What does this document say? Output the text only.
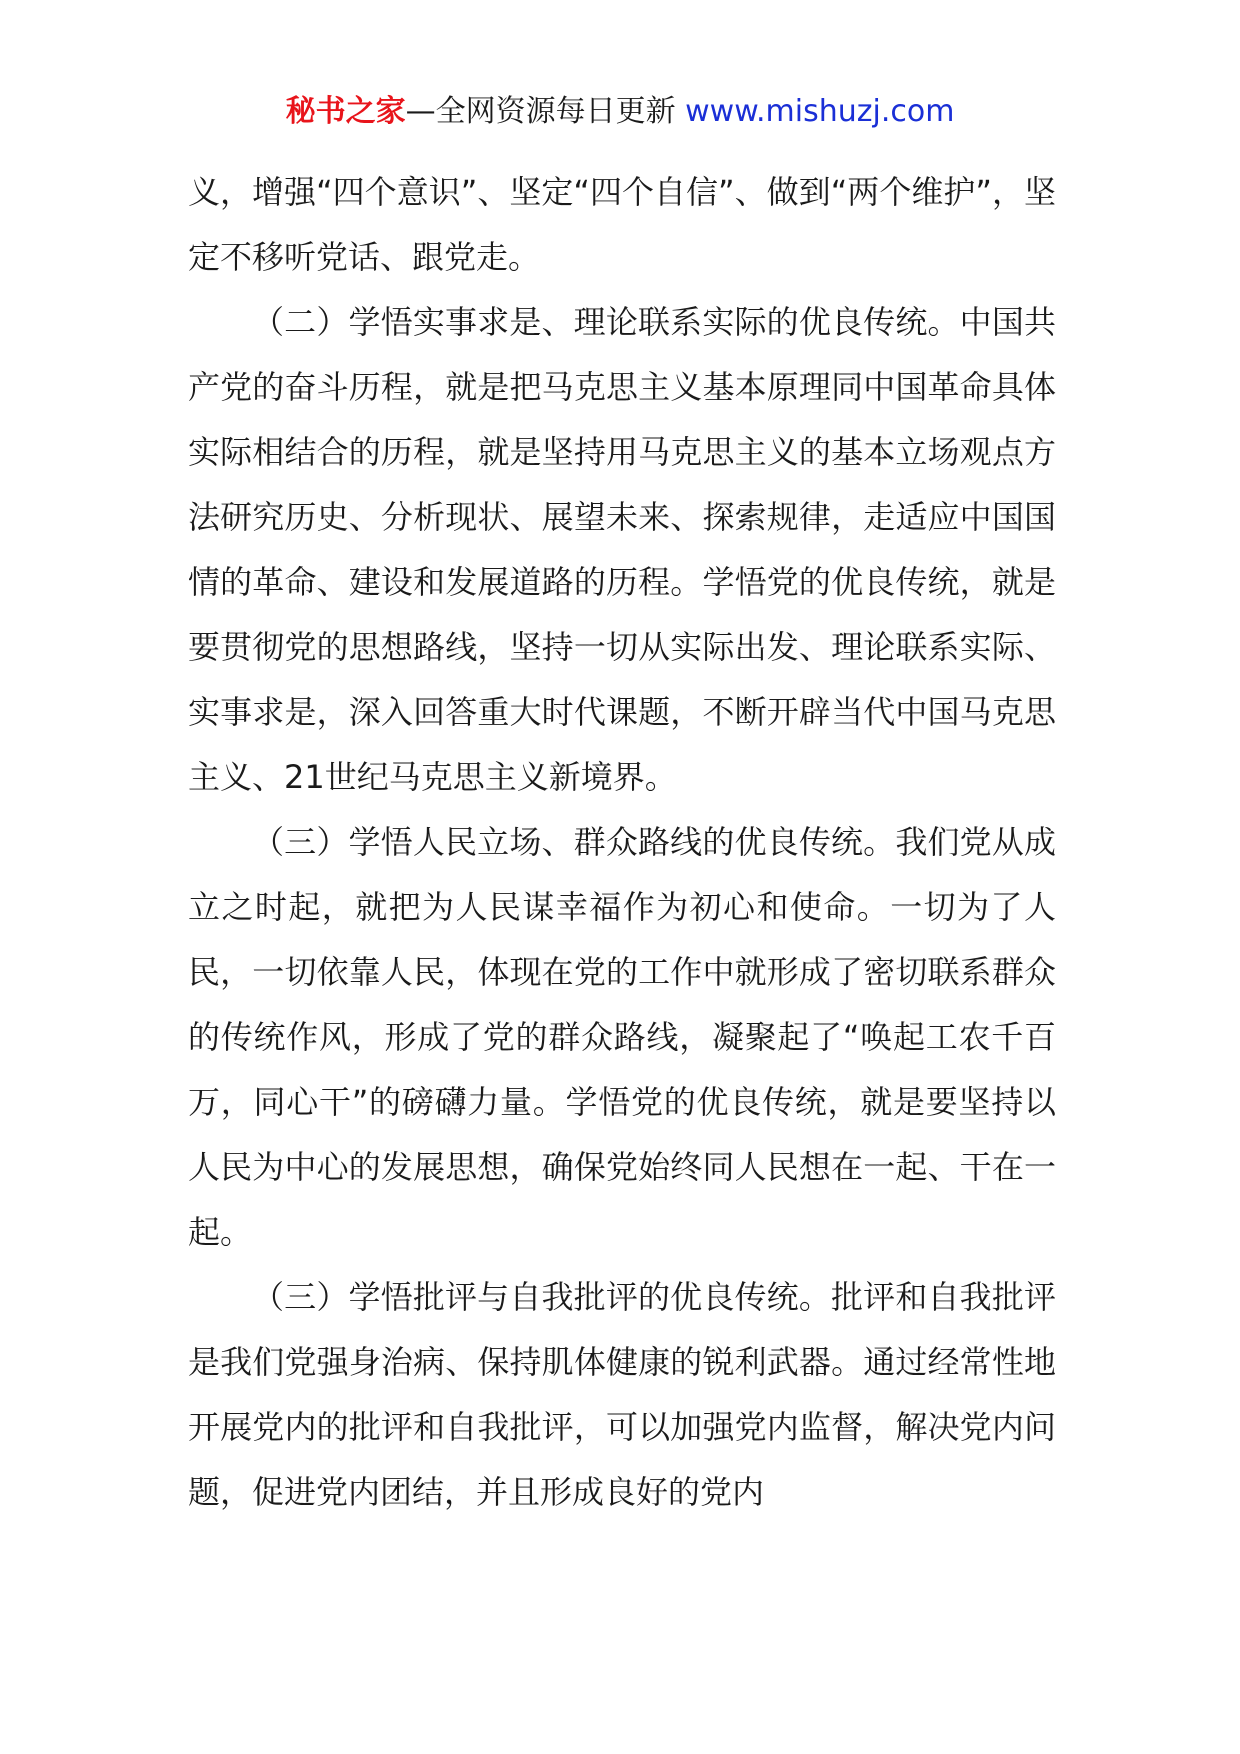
秘书之家—全网资源每日更新 www.mishuzj.com

义，增强“四个意识”、坚定“四个自信”、做到“两个维护”，坚定不移听党话、跟党走。

（二）学悟实事求是、理论联系实际的优良传统。中国共产党的奋斗历程，就是把马克思主义基本原理同中国革命具体实际相结合的历程，就是坚持用马克思主义的基本立场观点方法研究历史、分析现状、展望未来、探索规律，走适应中国国情的革命、建设和发展道路的历程。学悟党的优良传统，就是要贯彻党的思想路线，坚持一切从实际出发、理论联系实际、实事求是，深入回答重大时代课题，不断开辟当代中国马克思主义、21世纪马克思主义新境界。

（三）学悟人民立场、群众路线的优良传统。我们党从成立之时起，就把为人民谋幸福作为初心和使命。一切为了人民，一切依靠人民，体现在党的工作中就形成了密切联系群众的传统作风，形成了党的群众路线，凝聚起了“唤起工农千百万，同心干”的磅礴力量。学悟党的优良传统，就是要坚持以人民为中心的发展思想，确保党始终同人民想在一起、干在一起。

（三）学悟批评与自我批评的优良传统。批评和自我批评是我们党强身治病、保持肌体健康的锐利武器。通过经常性地开展党内的批评和自我批评，可以加强党内监督，解决党内问题，促进党内团结，并且形成良好的党内
